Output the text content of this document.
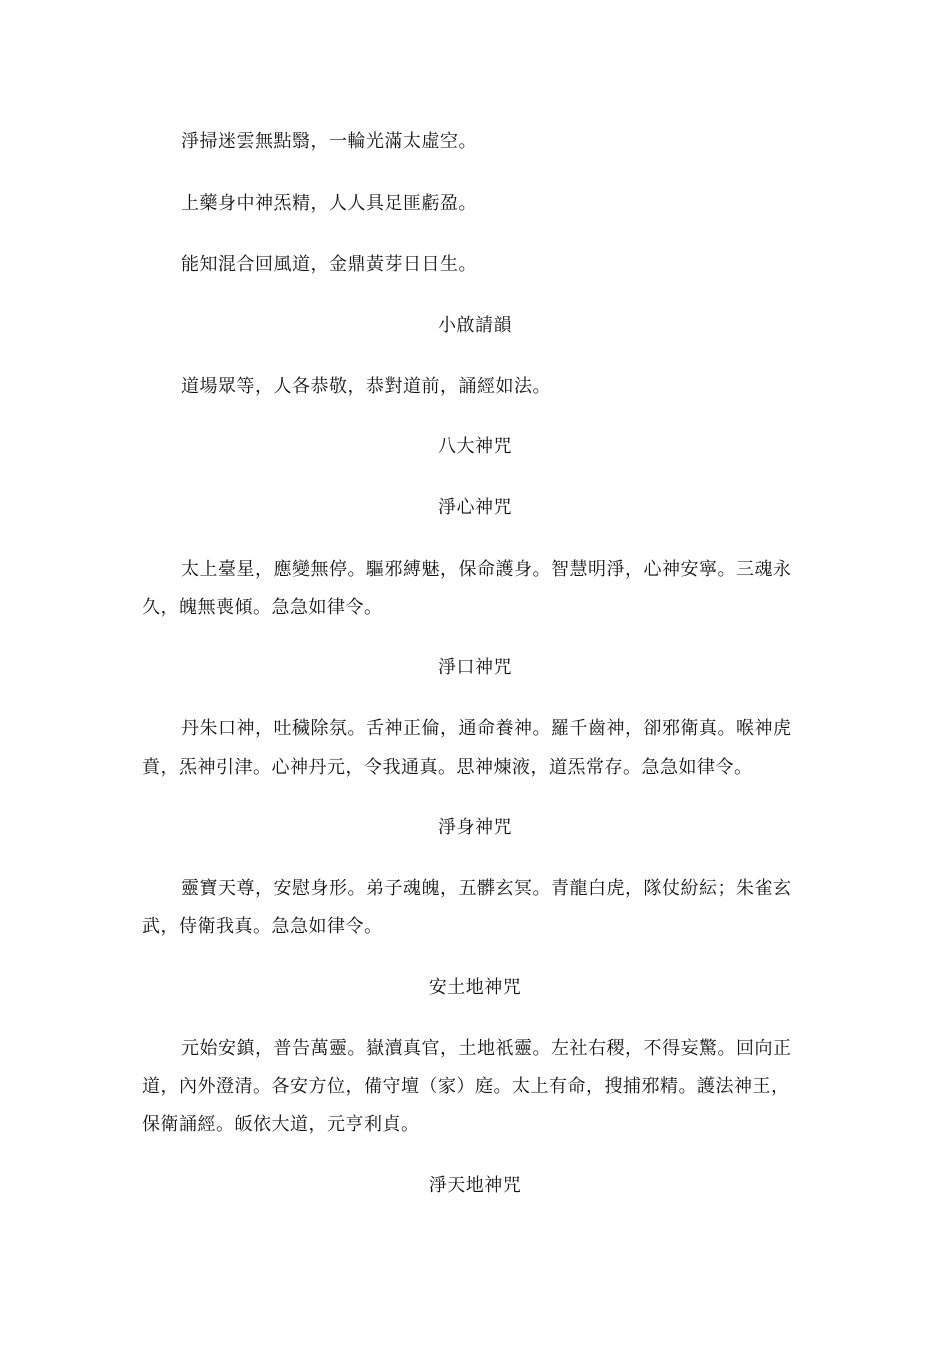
淨掃迷雲無點翳，一輪光滿太虛空。
上藥身中神炁精，人人具足匪虧盈。
能知混合回風道，金鼎黃芽日日生。
小啟請韻
道場眾等，人各恭敬，恭對道前，誦經如法。
八大神咒
淨心神咒
太上臺星，應變無停。驅邪縛魅，保命護身。智慧明淨，心神安寧。三魂永
久，魄無喪傾。急急如律令。
淨口神咒
丹朱口神，吐穢除氛。舌神正倫，通命養神。羅千齒神，卻邪衛真。喉神虎
賁，炁神引津。心神丹元，令我通真。思神煉液，道炁常存。急急如律令。
淨身神咒
靈寶天尊，安慰身形。弟子魂魄，五髒玄冥。青龍白虎，隊仗紛紜；朱雀玄
武，侍衛我真。急急如律令。
安土地神咒
元始安鎮，普告萬靈。嶽瀆真官，土地祇靈。左社右稷，不得妄驚。回向正
道，內外澄清。各安方位，備守壇（家）庭。太上有命，搜捕邪精。護法神王，
保衛誦經。皈依大道，元亨利貞。
淨天地神咒
